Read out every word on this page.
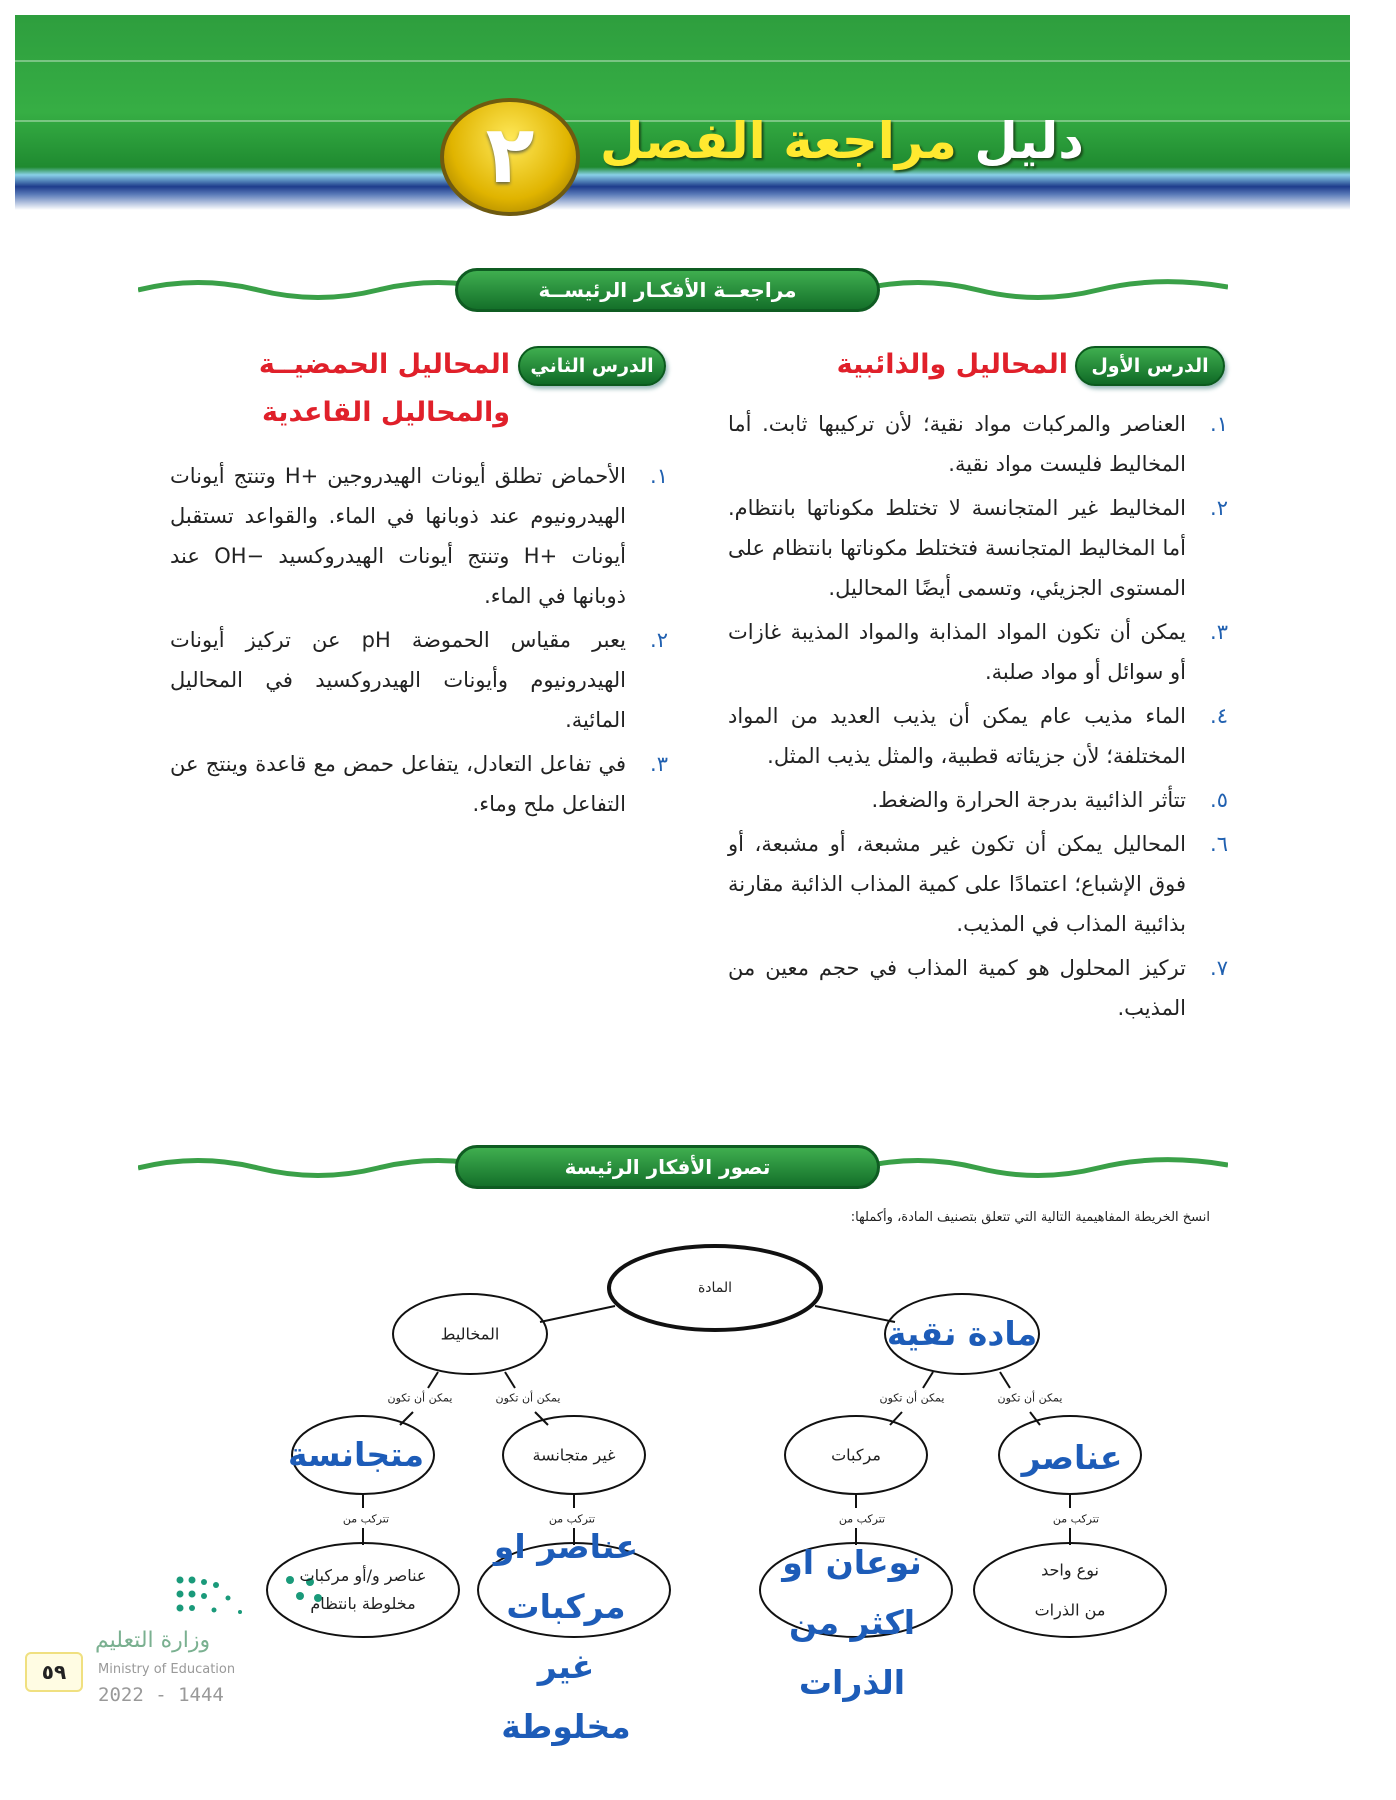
٢	دليل مراجعة الفصل
مراجعــة الأفكـار الرئيســة
الدرس الأول
المحاليل والذائبية
١.
العناصر والمركبات مواد نقية؛ لأن تركيبها ثابت. أما المخاليط فليست مواد نقية.
٢.
المخاليط غير المتجانسة لا تختلط مكوناتها بانتظام. أما المخاليط المتجانسة فتختلط مكوناتها بانتظام على المستوى الجزيئي، وتسمى أيضًا المحاليل.
٣.
يمكن أن تكون المواد المذابة والمواد المذيبة غازات أو سوائل أو مواد صلبة.
٤.
الماء مذيب عام يمكن أن يذيب العديد من المواد المختلفة؛ لأن جزيئاته قطبية، والمثل يذيب المثل.
٥.
تتأثر الذائبية بدرجة الحرارة والضغط.
٦.
المحاليل يمكن أن تكون غير مشبعة، أو مشبعة، أو فوق الإشباع؛ اعتمادًا على كمية المذاب الذائبة مقارنة بذائبية المذاب في المذيب.
٧.
تركيز المحلول هو كمية المذاب في حجم معين من المذيب.
الدرس الثاني
المحاليل الحمضيــة
والمحاليل القاعدية
١.
الأحماض تطلق أيونات الهيدروجين +H وتنتج أيونات الهيدرونيوم عند ذوبانها في الماء. والقواعد تستقبل أيونات +H وتنتج أيونات الهيدروكسيد −OH عند ذوبانها في الماء.
٢.
يعبر مقياس الحموضة pH عن تركيز أيونات الهيدرونيوم وأيونات الهيدروكسيد في المحاليل المائية.
٣.
في تفاعل التعادل، يتفاعل حمض مع قاعدة وينتج عن التفاعل ملح وماء.
تصور الأفكار الرئيسة
انسخ الخريطة المفاهيمية التالية التي تتعلق بتصنيف المادة، وأكملها:
المادة
المخاليط	مادة نقية
متجانسة	غير متجانسة	مركبات	عناصر
يمكن أن تكون	يمكن أن تكون	يمكن أن تكون	يمكن أن تكون
تتركب من	تتركب من	تتركب من	تتركب من
عناصر و/أو مركبات مخلوطة بانتظام
عناصر او مركبات غير مخلوطة
نوعان او اكثر من الذرات
نوع واحد
من الذرات
٥٩
وزارة التعليم
Ministry of Education
2022 - 1444
